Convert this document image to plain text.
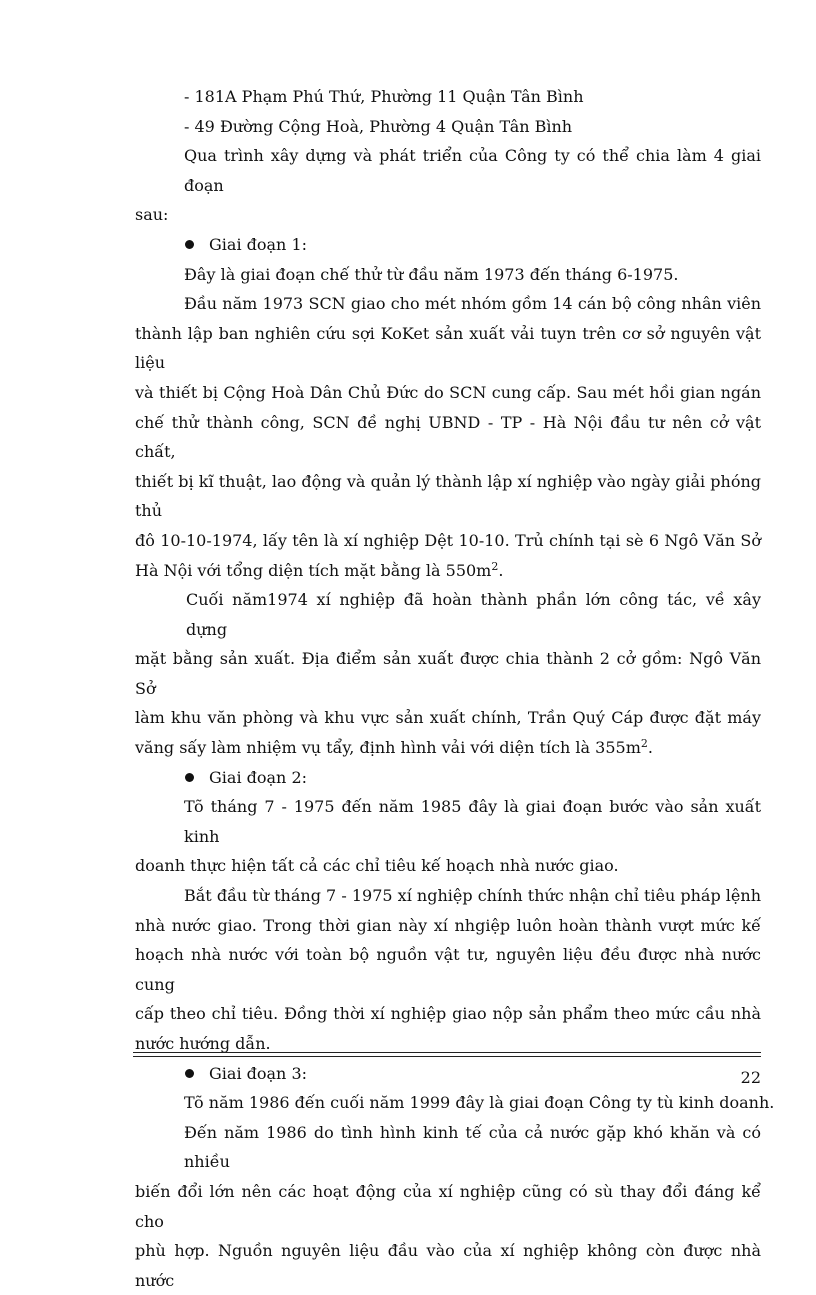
- 181A Phạm Phú Thứ, Phường 11 Quận Tân Bình
- 49 Đường Cộng Hoà, Phường 4 Quận Tân Bình
Qua trình xây dựng và phát triển của Công ty có thể chia làm 4 giai đoạn
sau:
Giai đoạn 1:
Đây là giai đoạn chế thử từ đầu năm 1973 đến tháng 6-1975.
Đầu năm 1973 SCN giao cho mét nhóm gồm 14 cán bộ công nhân viên
thành lập ban nghiên cứu sợi KoKet sản xuất vải tuyn trên cơ sở nguyên vật liệu
và thiết bị Cộng Hoà Dân Chủ Đức do SCN cung cấp. Sau mét hồi gian ngán
chế thử thành công, SCN đề nghị UBND - TP - Hà Nội đầu tư nên cở vật chất,
thiết bị kĩ thuật, lao động và quản lý thành lập xí nghiệp vào ngày giải phóng thủ
đô 10-10-1974, lấy tên là xí nghiệp Dệt 10-10. Trủ chính tại sè 6 Ngô Văn Sở
Hà Nội với tổng diện tích mặt bằng là $550m^2$.
Cuối năm1974 xí nghiệp đã hoàn thành phần lớn công tác, về xây dựng
mặt bằng sản xuất. Địa điểm sản xuất được chia thành 2 cở gồm: Ngô Văn Sở
làm khu văn phòng và khu vực sản xuất chính, Trần Quý Cáp được đặt máy
văng sấy làm nhiệm vụ tẩy, định hình vải với diện tích là $355m^2$.
Giai đoạn 2:
Tõ tháng 7 - 1975 đến năm 1985 đây là giai đoạn bước vào sản xuất kinh
doanh thực hiện tất cả các chỉ tiêu kế hoạch nhà nước giao.
Bắt đầu từ tháng 7 - 1975 xí nghiệp chính thức nhận chỉ tiêu pháp lệnh
nhà nước giao. Trong thời gian này xí nhgiệp luôn hoàn thành vượt mức kế
hoạch nhà nước với toàn bộ nguồn vật tư, nguyên liệu đều được nhà nước cung
cấp theo chỉ tiêu. Đồng thời xí nghiệp giao nộp sản phẩm theo mức cầu nhà
nước hướng dẫn.
Giai đoạn 3:
Tõ năm 1986 đến cuối năm 1999 đây là giai đoạn Công ty tù kinh doanh.
Đến năm 1986 do tình hình kinh tế của cả nước gặp khó khăn và có nhiều
biến đổi lớn nên các hoạt động của xí nghiệp cũng có sù thay đổi đáng kể cho
phù hợp. Nguồn nguyên liệu đầu vào của xí nghiệp không còn được nhà nước
22
